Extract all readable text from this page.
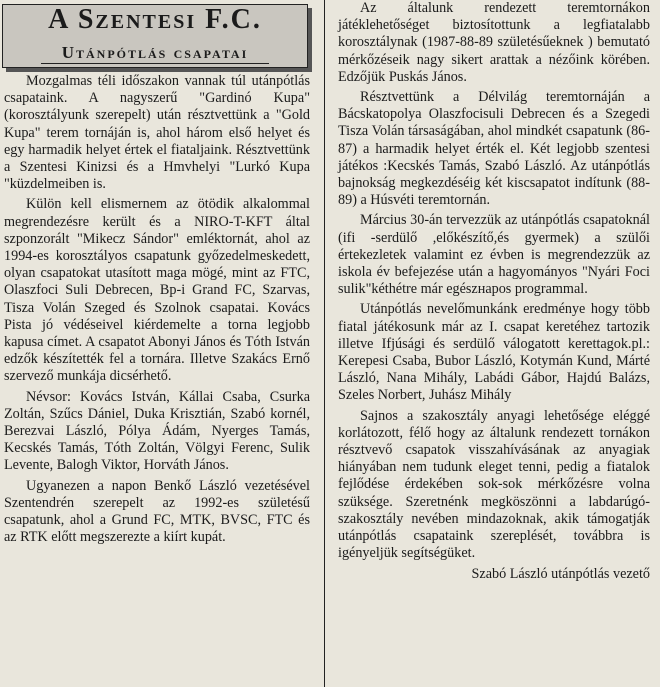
A Szentesi F.C.
Utánpótlás csapatai

Mozgalmas téli időszakon vannak túl utánpótlás csapataink. A nagyszerű "Gardinó Kupa" (korosztályunk szerepelt) után résztvettünk a "Gold Kupa" terem tornáján is, ahol három első helyet és egy harmadik helyet értek el fiataljaink. Résztvettünk a Szentesi Kinizsi és a Hmvhelyi "Lurkó Kupa "küzdelmeiben is.

Külön kell elismernem az ötödik alkalommal megrendezésre került és a NIRO-T-KFT által szponzorált "Mikecz Sándor" emléktornát, ahol az 1994-es korosztályos csapatunk győzedelmeskedett, olyan csapatokat utasított maga mögé, mint az FTC, Olaszfoci Suli Debrecen, Bp-i Grand FC, Szarvas, Tisza Volán Szeged és Szolnok csapatai. Kovács Pista jó védéseivel kiérdemelte a torna legjobb kapusa címet. A csapatot Abonyi János és Tóth István edzők készítették fel a tornára. Illetve Szakács Ernő szervező munkája dicsérhető.

Névsor: Kovács István, Kállai Csaba, Csurka Zoltán, Szűcs Dániel, Duka Krisztián, Szabó kornél, Berezvai László, Pólya Ádám, Nyerges Tamás, Kecskés Tamás, Tóth Zoltán, Völgyi Ferenc, Sulik Levente, Balogh Viktor, Horváth János.

Ugyanezen a napon Benkő László vezetésével Szentendrén szerepelt az 1992-es születésű csapatunk, ahol a Grund FC, MTK, BVSC, FTC és az RTK előtt megszerezte a kiírt kupát.

Az általunk rendezett teremtornákon játéklehetőséget biztosítottunk a legfiatalabb korosztálynak (1987-88-89 születésűeknek ) bemutató mérkőzéseik nagy sikert arattak a nézőink körében. Edzőjük Puskás János.

Résztvettünk a Délvilág teremtornáján a Bácskatopolya Olaszfocisuli Debrecen és a Szegedi Tisza Volán társaságában, ahol mindkét csapatunk (86-87) a harmadik helyet érték el. Két legjobb szentesi játékos :Kecskés Tamás, Szabó László. Az utánpótlás bajnokság megkezdéséig két kiscsapatot indítunk (88-89) a Húsvéti teremtornán.

Március 30-án tervezzük az utánpótlás csapatoknál (ifi -serdülő ,előkészítő,és gyermek) a szülői értekezletek valamint ez évben is megrendezzük az iskola év befejezése után a hagyományos "Nyári Foci sulik"kéthétre már egészнapos programmal.

Utánpótlás nevelőmunkánk eredménye hogy több fiatal játékosunk már az I. csapat keretéhez tartozik illetve Ifjúsági és serdülő válogatott kerettagok.pl.: Kerepesi Csaba, Bubor László, Kotymán Kund, Márté László, Nana Mihály, Labádi Gábor, Hajdú Balázs, Szeles Norbert, Juhász Mihály

Sajnos a szakosztály anyagi lehetősége eléggé korlátozott, félő hogy az általunk rendezett tornákon résztvevő csapatok visszahívásának az anyagiak hiányában nem tudunk eleget tenni, pedig a fiatalok fejlődése érdekében sok-sok mérkőzésre volna szüksége. Szeretnénk megköszönni a labdarúgó-szakosztály nevében mindazoknak, akik támogatják utánpótlás csapataink szereplését, továbbra is igényeljük segítségüket.

Szabó László utánpótlás vezető
